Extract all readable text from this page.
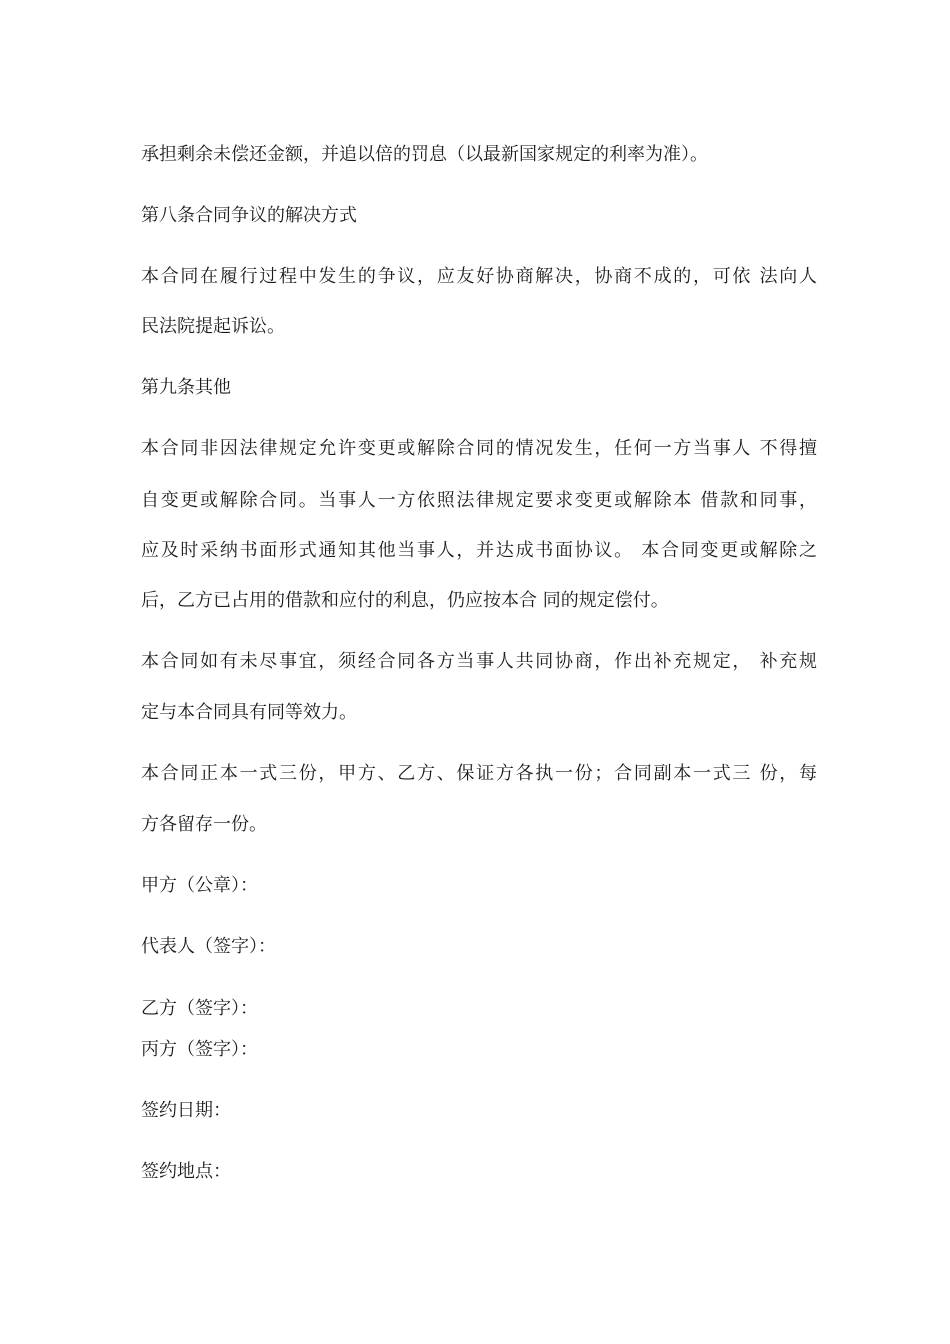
承担剩余未偿还金额，并追以倍的罚息（以最新国家规定的利率为准）。
第八条合同争议的解决方式
本合同在履行过程中发生的争议，应友好协商解决，协商不成的，可依 法向人
民法院提起诉讼。
第九条其他
本合同非因法律规定允许变更或解除合同的情况发生，任何一方当事人 不得擅
自变更或解除合同。当事人一方依照法律规定要求变更或解除本 借款和同事，
应及时采纳书面形式通知其他当事人，并达成书面协议。 本合同变更或解除之
后，乙方已占用的借款和应付的利息，仍应按本合 同的规定偿付。
本合同如有未尽事宜，须经合同各方当事人共同协商，作出补充规定， 补充规
定与本合同具有同等效力。
本合同正本一式三份，甲方、乙方、保证方各执一份；合同副本一式三 份，每
方各留存一份。
甲方（公章）：
代表人（签字）：
乙方（签字）：
丙方（签字）：
签约日期：
签约地点：
